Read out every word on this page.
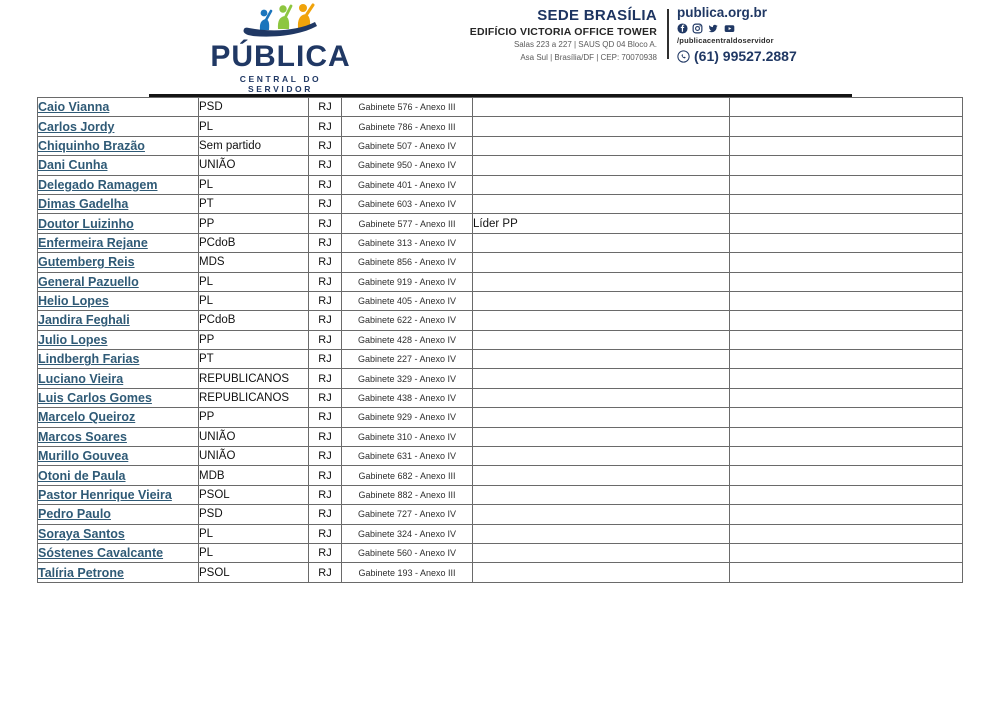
PÚBLICA
CENTRAL DO SERVIDOR
SEDE BRASÍLIA
EDIFÍCIO VICTORIA OFFICE TOWER
Salas 223 a 227 | SAUS QD 04 Bloco A.
Asa Sul | Brasília/DF | CEP: 70070938
publica.org.br
/publicacentraldoservidor
(61) 99527.2887
Caio Vianna	PSD	RJ	Gabinete 576 - Anexo III		
Carlos Jordy	PL	RJ	Gabinete 786 - Anexo III		
Chiquinho Brazão	Sem partido	RJ	Gabinete 507 - Anexo IV		
Dani Cunha	UNIÃO	RJ	Gabinete 950 - Anexo IV		
Delegado Ramagem	PL	RJ	Gabinete 401 - Anexo IV		
Dimas Gadelha	PT	RJ	Gabinete 603 - Anexo IV		
Doutor Luizinho	PP	RJ	Gabinete 577 - Anexo III	Líder PP	
Enfermeira Rejane	PCdoB	RJ	Gabinete 313 - Anexo IV		
Gutemberg Reis	MDS	RJ	Gabinete 856 - Anexo IV		
General Pazuello	PL	RJ	Gabinete 919 - Anexo IV		
Helio Lopes	PL	RJ	Gabinete 405 - Anexo IV		
Jandira Feghali	PCdoB	RJ	Gabinete 622 - Anexo IV		
Julio Lopes	PP	RJ	Gabinete 428 - Anexo IV		
Lindbergh Farias	PT	RJ	Gabinete 227 - Anexo IV		
Luciano Vieira	REPUBLICANOS	RJ	Gabinete 329 - Anexo IV		
Luis Carlos Gomes	REPUBLICANOS	RJ	Gabinete 438 - Anexo IV		
Marcelo Queiroz	PP	RJ	Gabinete 929 - Anexo IV		
Marcos Soares	UNIÃO	RJ	Gabinete 310 - Anexo IV		
Murillo Gouvea	UNIÃO	RJ	Gabinete 631 - Anexo IV		
Otoni de Paula	MDB	RJ	Gabinete 682 - Anexo III		
Pastor Henrique Vieira	PSOL	RJ	Gabinete 882 - Anexo III		
Pedro Paulo	PSD	RJ	Gabinete 727 - Anexo IV		
Soraya Santos	PL	RJ	Gabinete 324 - Anexo IV		
Sóstenes Cavalcante	PL	RJ	Gabinete 560 - Anexo IV		
Talíria Petrone	PSOL	RJ	Gabinete 193 - Anexo III		
